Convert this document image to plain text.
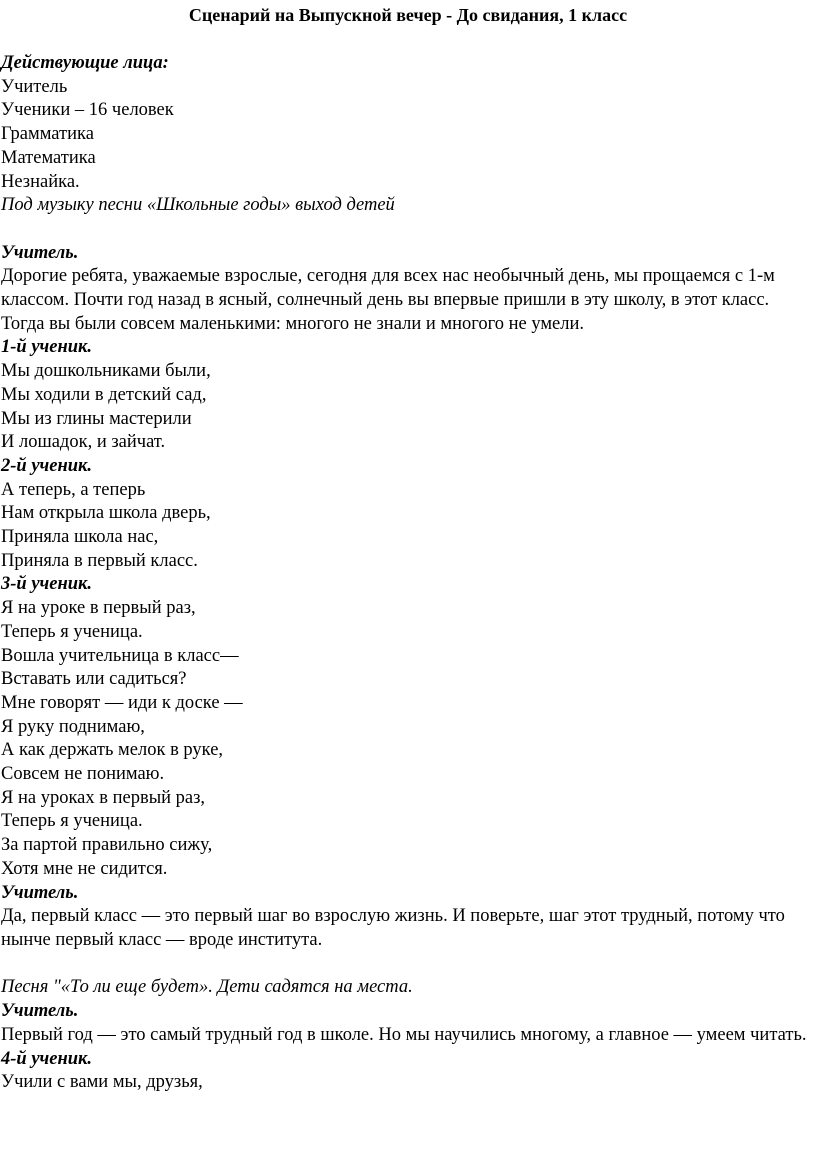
Сценарий на Выпускной вечер - До свидания, 1 класс
Действующие лица:
Учитель
Ученики – 16 человек
Грамматика
Математика
Незнайка.
Под музыку песни «Школьные годы» выход детей
Учитель.
Дорогие ребята, уважаемые взрослые, сегодня для всех нас необычный день, мы прощаемся с 1-м классом. Почти год назад в ясный, солнечный день вы впервые пришли в эту школу, в этот класс. Тогда вы были совсем маленькими: многого не знали и многого не умели.
1-й ученик.
Мы дошкольниками были,
Мы ходили в детский сад,
Мы из глины мастерили
И лошадок, и зайчат.
2-й ученик.
А теперь, а теперь
Нам открыла школа дверь,
Приняла школа нас,
Приняла в первый класс.
3-й ученик.
Я на уроке в первый раз,
Теперь я ученица.
Вошла учительница в класс—
Вставать или садиться?
Мне говорят — иди к доске —
Я руку поднимаю,
А как держать мелок в руке,
Совсем не понимаю.
Я на уроках в первый раз,
Теперь я ученица.
За партой правильно сижу,
Хотя мне не сидится.
Учитель.
Да, первый класс — это первый шаг во взрослую жизнь. И поверьте, шаг этот трудный, потому что нынче первый класс — вроде института.
Песня "«То ли еще будет». Дети садятся на места.
Учитель.
Первый год — это самый трудный год в школе. Но мы научились многому, а главное — умеем читать.
4-й ученик.
Учили с вами мы, друзья,
